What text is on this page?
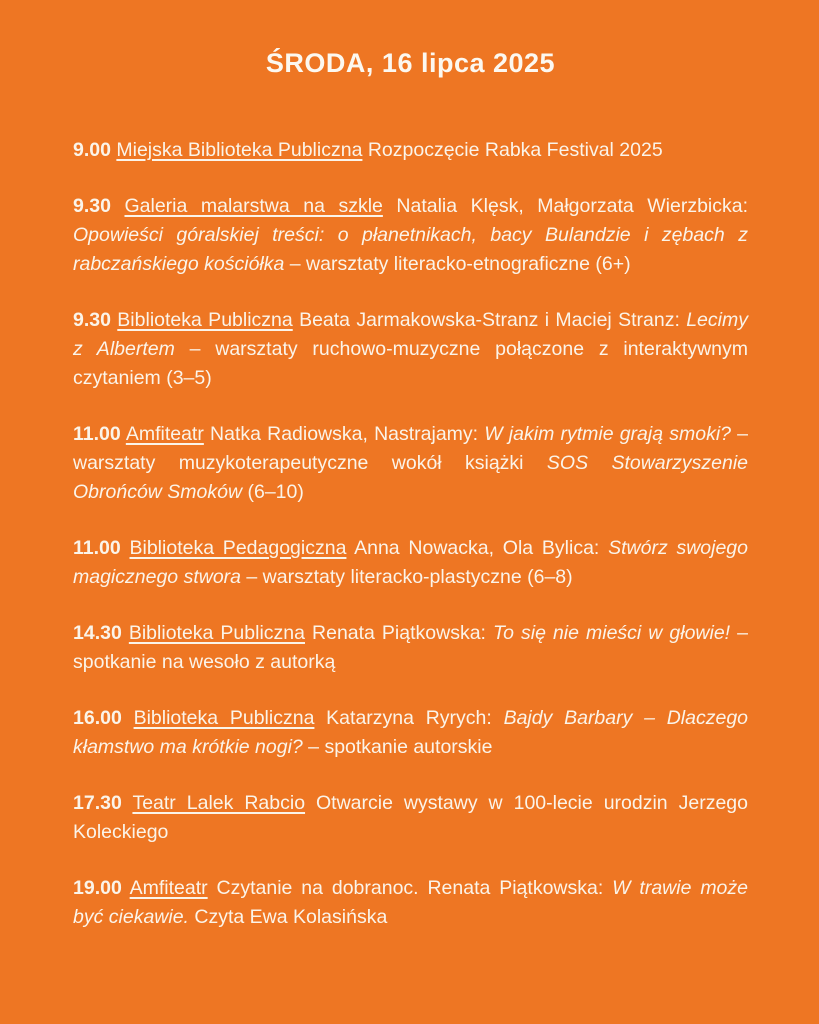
ŚRODA, 16 lipca 2025

9.00 Miejska Biblioteka Publiczna Rozpoczęcie Rabka Festival 2025

9.30 Galeria malarstwa na szkle Natalia Klęsk, Małgorzata Wierzbicka: Opowieści góralskiej treści: o płanetnikach, bacy Bulandzie i zębach z rabczańskiego kościółka – warsztaty literacko-etnograficzne (6+)

9.30 Biblioteka Publiczna Beata Jarmakowska-Stranz i Maciej Stranz: Lecimy z Albertem – warsztaty ruchowo-muzyczne połączone z interaktywnym czytaniem (3–5)

11.00 Amfiteatr Natka Radiowska, Nastrajamy: W jakim rytmie grają smoki? – warsztaty muzykoterapeutyczne wokół książki SOS Stowarzyszenie Obrońców Smoków (6–10)

11.00 Biblioteka Pedagogiczna Anna Nowacka, Ola Bylica: Stwórz swojego magicznego stwora – warsztaty literacko-plastyczne (6–8)

14.30 Biblioteka Publiczna Renata Piątkowska: To się nie mieści w głowie! – spotkanie na wesoło z autorką

16.00 Biblioteka Publiczna Katarzyna Ryrych: Bajdy Barbary – Dlaczego kłamstwo ma krótkie nogi? – spotkanie autorskie

17.30 Teatr Lalek Rabcio Otwarcie wystawy w 100-lecie urodzin Jerzego Koleckiego

19.00 Amfiteatr Czytanie na dobranoc. Renata Piątkowska: W trawie może być ciekawie. Czyta Ewa Kolasińska
